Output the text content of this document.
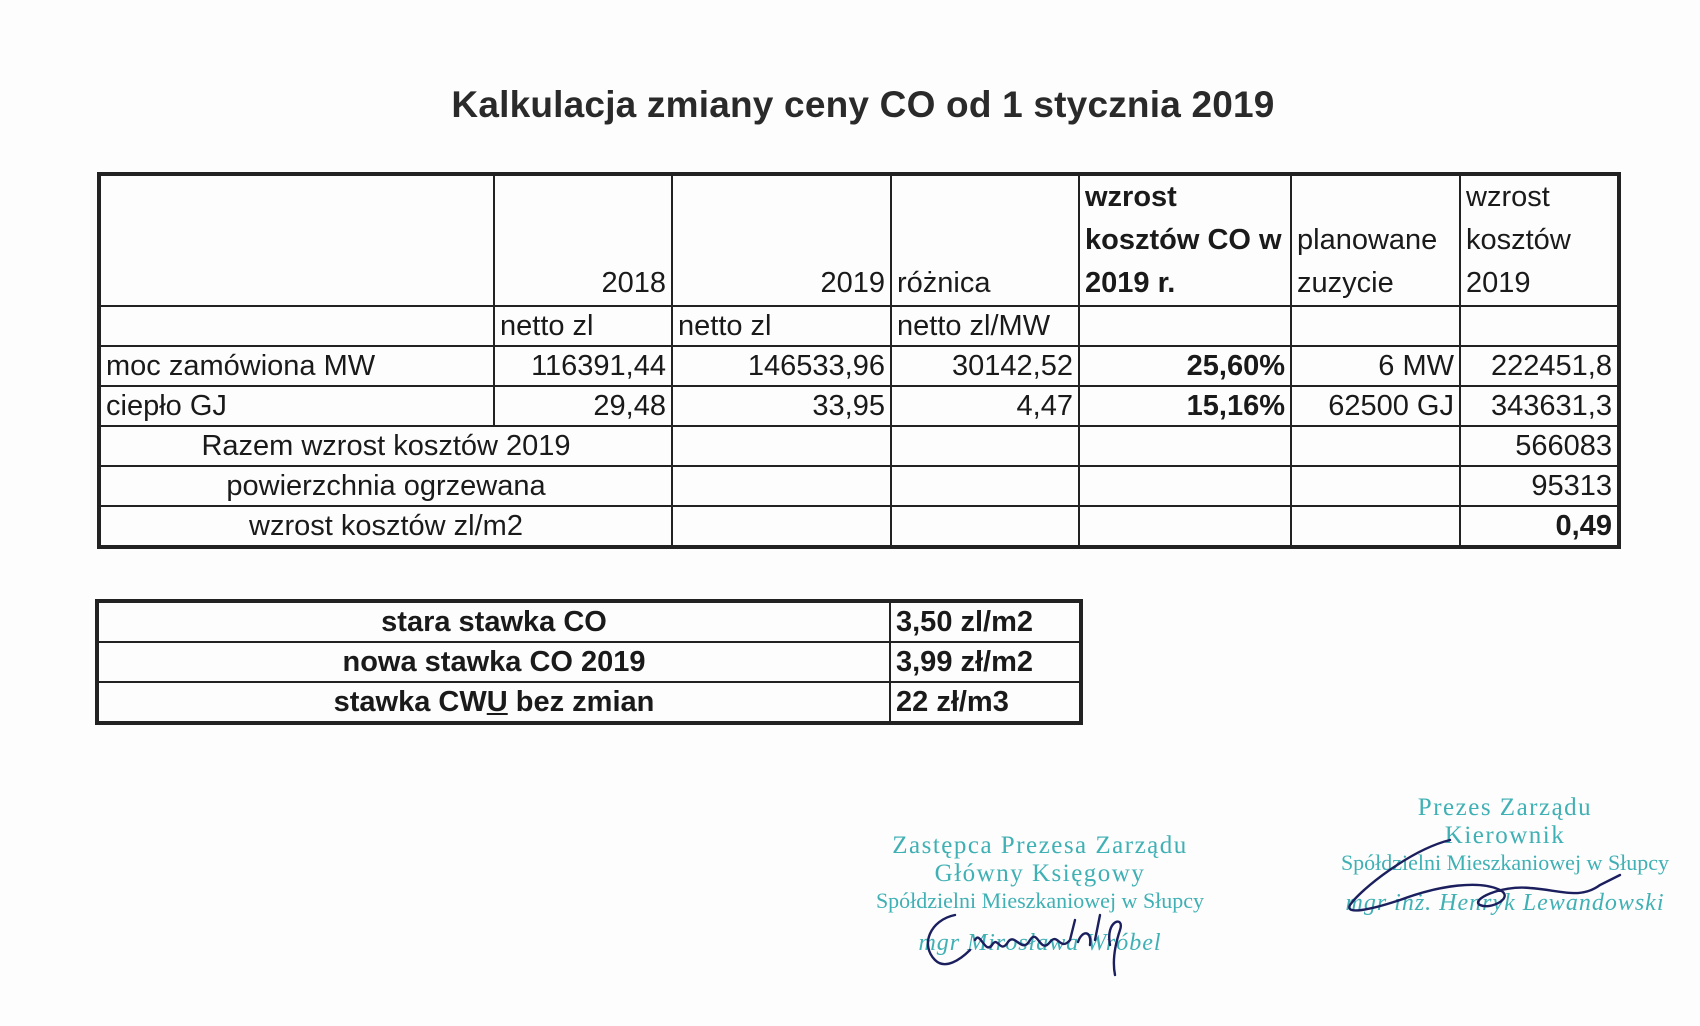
Kalkulacja zmiany ceny CO od 1 stycznia 2019
	2018	2019	różnica	wzrost kosztów CO w 2019 r.	planowane zuzycie	wzrost kosztów 2019
	netto zl	netto zl	netto zl/MW			
moc zamówiona MW	116391,44	146533,96	30142,52	25,60%	6 MW	222451,8
ciepło GJ	29,48	33,95	4,47	15,16%	62500 GJ	343631,3
Razem wzrost kosztów 2019						566083
powierzchnia ogrzewana						95313
wzrost kosztów zl/m2						0,49
stara stawka CO	3,50 zl/m2
nowa stawka CO 2019	3,99 zł/m2
stawka CWU bez zmian	22 zł/m3
Zastępca Prezesa Zarządu
Główny Księgowy
Spółdzielni Mieszkaniowej w Słupcy
mgr Mirosława Wróbel
Prezes Zarządu
Kierownik
Spółdzielni Mieszkaniowej w Słupcy
mgr inż. Henryk Lewandowski
